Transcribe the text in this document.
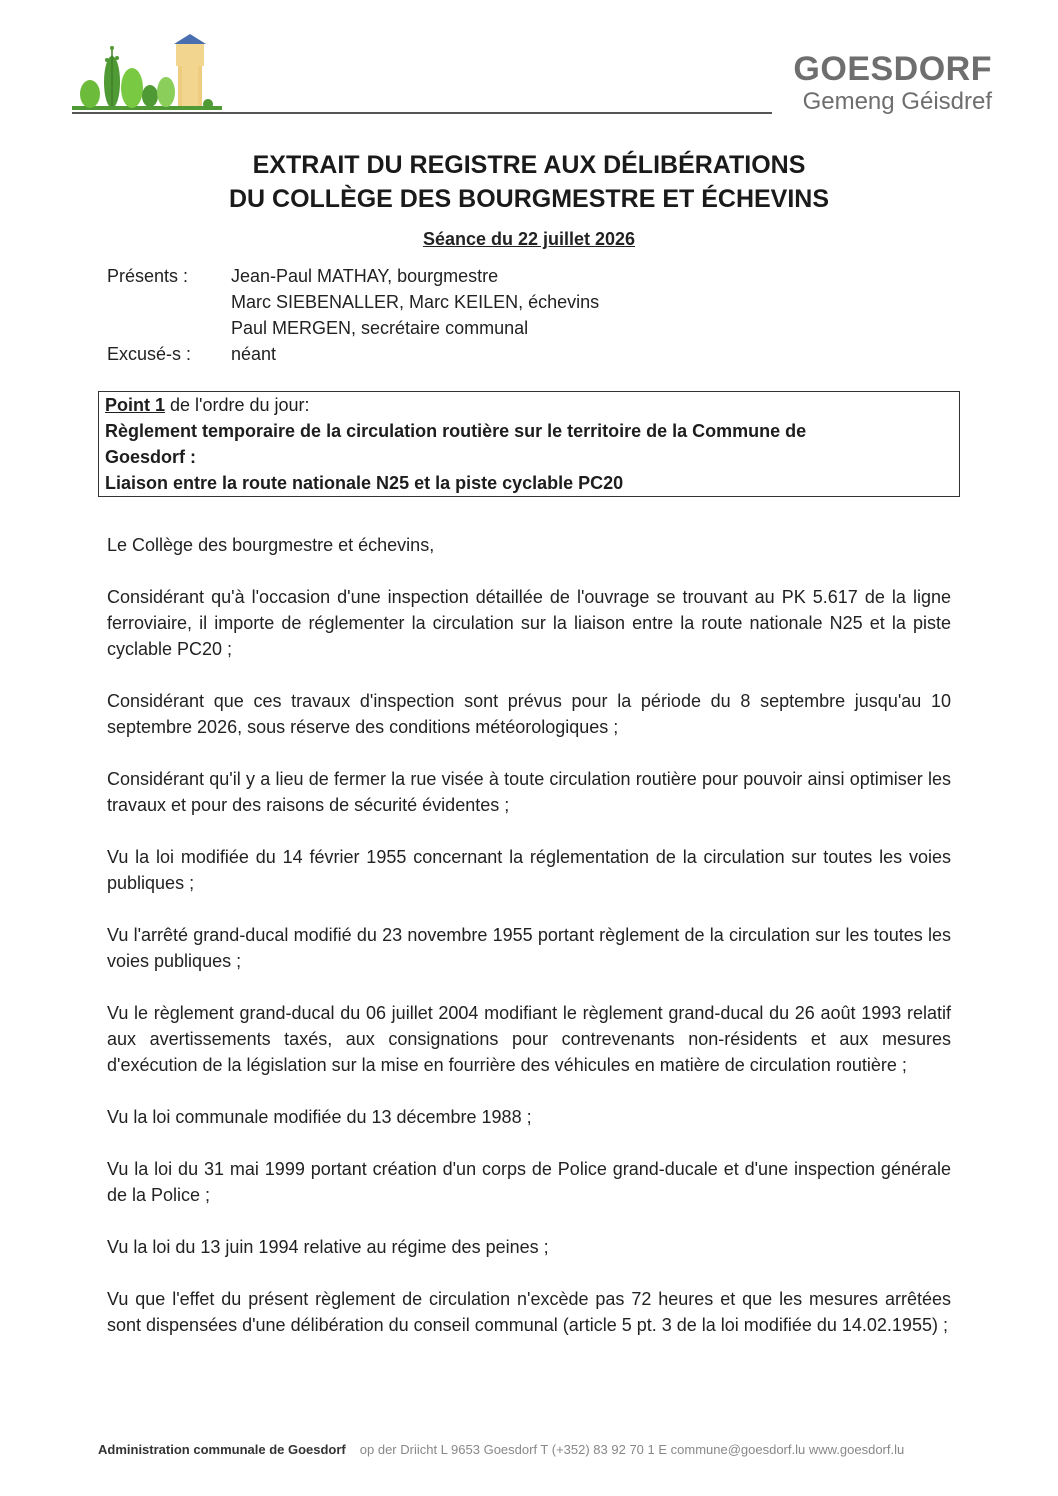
GOESDORF
Gemeng Géisdref
EXTRAIT DU REGISTRE AUX DÉLIBÉRATIONS
DU COLLÈGE DES BOURGMESTRE ET ÉCHEVINS
Séance du 22 juillet 2026
Présents :	Jean-Paul MATHAY, bourgmestre
Marc SIEBENALLER, Marc KEILEN, échevins
Paul MERGEN, secrétaire communal
Excusé-s :	néant
Point 1 de l'ordre du jour:
Règlement temporaire de la circulation routière sur le territoire de la Commune de
Goesdorf :
Liaison entre la route nationale N25 et la piste cyclable PC20

Le Collège des bourgmestre et échevins,

Considérant qu'à l'occasion d'une inspection détaillée de l'ouvrage se trouvant au PK 5.617 de la ligne ferroviaire, il importe de réglementer la circulation sur la liaison entre la route nationale N25 et la piste cyclable PC20 ;

Considérant que ces travaux d'inspection sont prévus pour la période du 8 septembre jusqu'au 10 septembre 2026, sous réserve des conditions météorologiques ;

Considérant qu'il y a lieu de fermer la rue visée à toute circulation routière pour pouvoir ainsi optimiser les travaux et pour des raisons de sécurité évidentes ;

Vu la loi modifiée du 14 février 1955 concernant la réglementation de la circulation sur toutes les voies publiques ;

Vu l'arrêté grand-ducal modifié du 23 novembre 1955 portant règlement de la circulation sur les toutes les voies publiques ;

Vu le règlement grand-ducal du 06 juillet 2004 modifiant le règlement grand-ducal du 26 août 1993 relatif aux avertissements taxés, aux consignations pour contrevenants non-résidents et aux mesures d'exécution de la législation sur la mise en fourrière des véhicules en matière de circulation routière ;

Vu la loi communale modifiée du 13 décembre 1988 ;

Vu la loi du 31 mai 1999 portant création d'un corps de Police grand-ducale et d'une inspection générale de la Police ;

Vu la loi du 13 juin 1994 relative au régime des peines ;

Vu que l'effet du présent règlement de circulation n'excède pas 72 heures et que les mesures arrêtées sont dispensées d'une délibération du conseil communal (article 5 pt. 3 de la loi modifiée du 14.02.1955) ;

Administration communale de Goesdorf op der Driicht L 9653 Goesdorf T (+352) 83 92 70 1 E commune@goesdorf.lu www.goesdorf.lu
